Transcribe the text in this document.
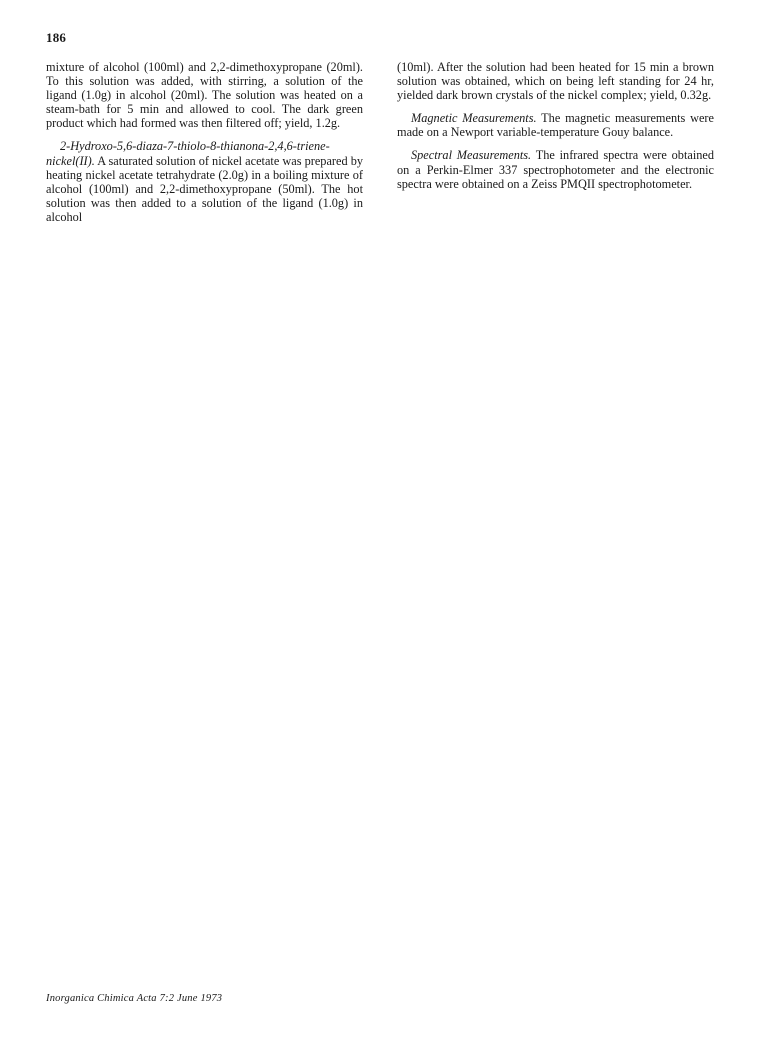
186

mixture of alcohol (100ml) and 2,2-dimethoxypropane (20ml). To this solution was added, with stirring, a solution of the ligand (1.0g) in alcohol (20ml). The solution was heated on a steam-bath for 5 min and allowed to cool. The dark green product which had formed was then filtered off; yield, 1.2g.

2-Hydroxo-5,6-diaza-7-thiolo-8-thianona-2,4,6-triene-nickel(II). A saturated solution of nickel acetate was prepared by heating nickel acetate tetrahydrate (2.0g) in a boiling mixture of alcohol (100ml) and 2,2-dimethoxypropane (50ml). The hot solution was then added to a solution of the ligand (1.0g) in alcohol

(10ml). After the solution had been heated for 15 min a brown solution was obtained, which on being left standing for 24 hr, yielded dark brown crystals of the nickel complex; yield, 0.32g.

Magnetic Measurements. The magnetic measurements were made on a Newport variable-temperature Gouy balance.

Spectral Measurements. The infrared spectra were obtained on a Perkin-Elmer 337 spectrophotometer and the electronic spectra were obtained on a Zeiss PMQII spectrophotometer.

Inorganica Chimica Acta 7:2 June 1973
